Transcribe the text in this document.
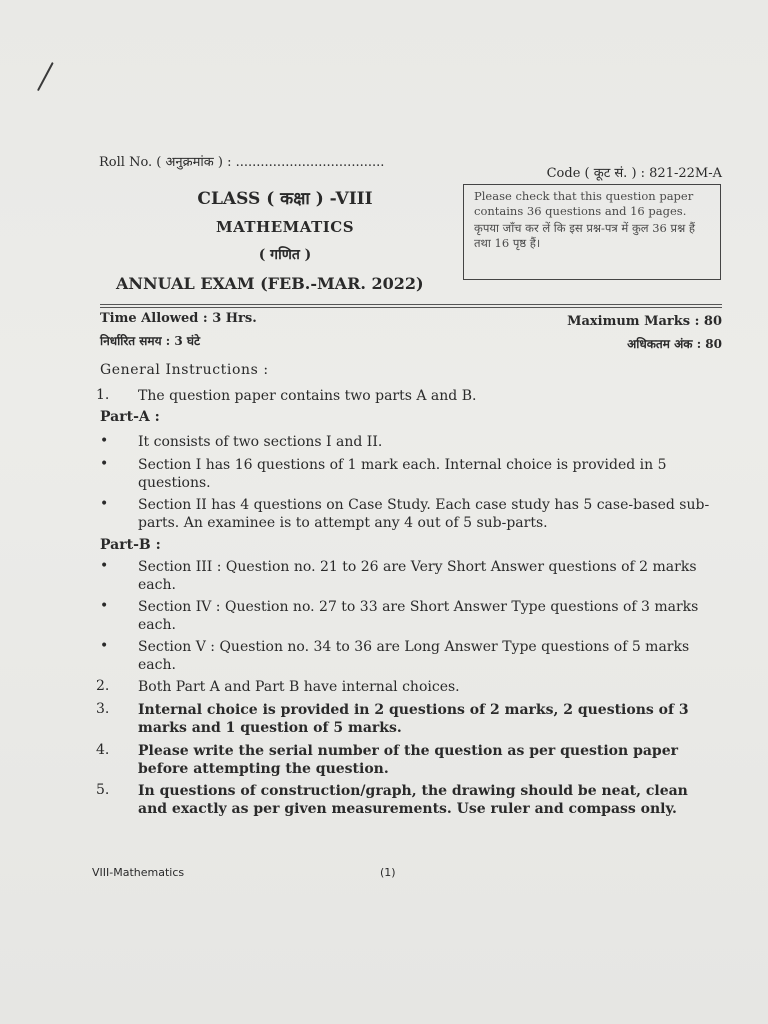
Roll No. ( अनुक्रमांक ) : ....................................
Code ( कूट सं. ) : 821-22M-A
CLASS ( कक्षा ) -VIII
MATHEMATICS
( गणित )
ANNUAL EXAM (FEB.-MAR. 2022)
Please check that this question paper contains 36 questions and 16 pages.
कृपया जाँच कर लें कि इस प्रश्न-पत्र में कुल 36 प्रश्न हैं तथा 16 पृष्ठ हैं।
Time Allowed : 3 Hrs.
निर्धारित समय : 3 घंटे
Maximum Marks : 80
अधिकतम अंक : 80
General Instructions :
1. The question paper contains two parts A and B.
Part-A :
• It consists of two sections I and II.
• Section I has 16 questions of 1 mark each. Internal choice is provided in 5 questions.
• Section II has 4 questions on Case Study. Each case study has 5 case-based sub-parts. An examinee is to attempt any 4 out of 5 sub-parts.
Part-B :
• Section III : Question no. 21 to 26 are Very Short Answer questions of 2 marks each.
• Section IV : Question no. 27 to 33 are Short Answer Type questions of 3 marks each.
• Section V : Question no. 34 to 36 are Long Answer Type questions of 5 marks each.
2. Both Part A and Part B have internal choices.
3. Internal choice is provided in 2 questions of 2 marks, 2 questions of 3 marks and 1 question of 5 marks.
4. Please write the serial number of the question as per question paper before attempting the question.
5. In questions of construction/graph, the drawing should be neat, clean and exactly as per given measurements. Use ruler and compass only.
VIII-Mathematics	(1)
